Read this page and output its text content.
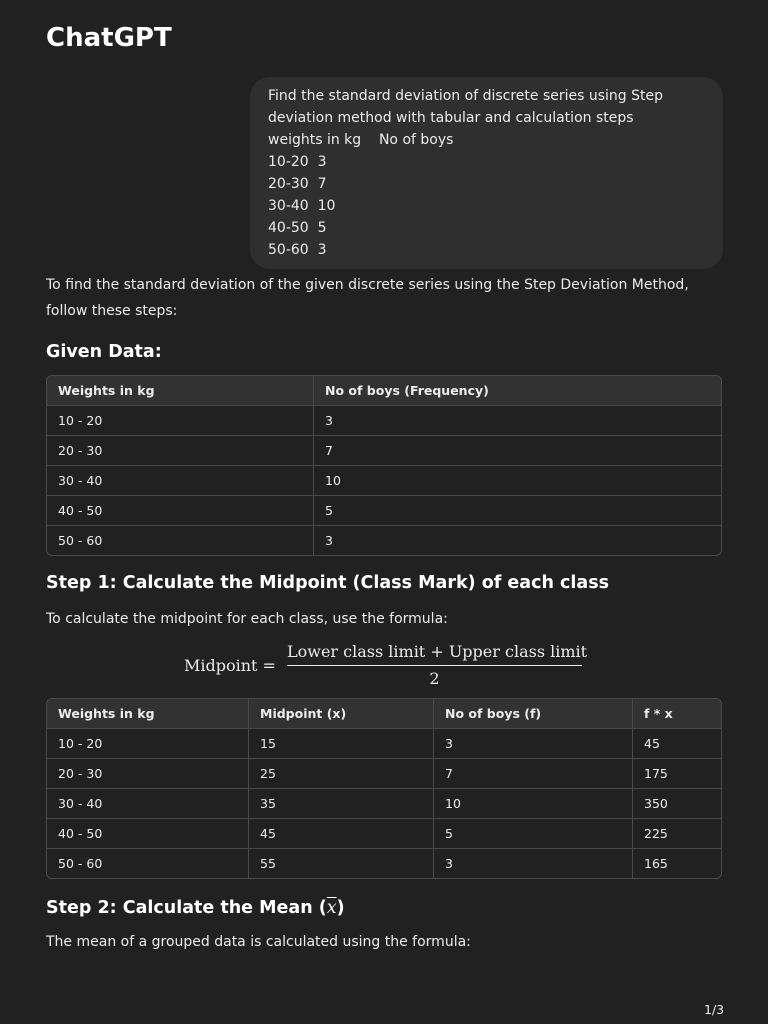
ChatGPT
Find the standard deviation of discrete series using Step
deviation method with tabular and calculation steps
weights in kg    No of boys
10-20  3
20-30  7
30-40  10
40-50  5
50-60  3
To find the standard deviation of the given discrete series using the Step Deviation Method, follow these steps:
Given Data:
Weights in kg	No of boys (Frequency)
10 - 20	3
20 - 30	7
30 - 40	10
40 - 50	5
50 - 60	3
Step 1: Calculate the Midpoint (Class Mark) of each class
To calculate the midpoint for each class, use the formula:
Midpoint =
Lower class limit + Upper class limit
2
Weights in kg	Midpoint (x)	No of boys (f)	f * x
10 - 20	15	3	45
20 - 30	25	7	175
30 - 40	35	10	350
40 - 50	45	5	225
50 - 60	55	3	165
Step 2: Calculate the Mean $(\overline{x})$
The mean of a grouped data is calculated using the formula:
1/3
